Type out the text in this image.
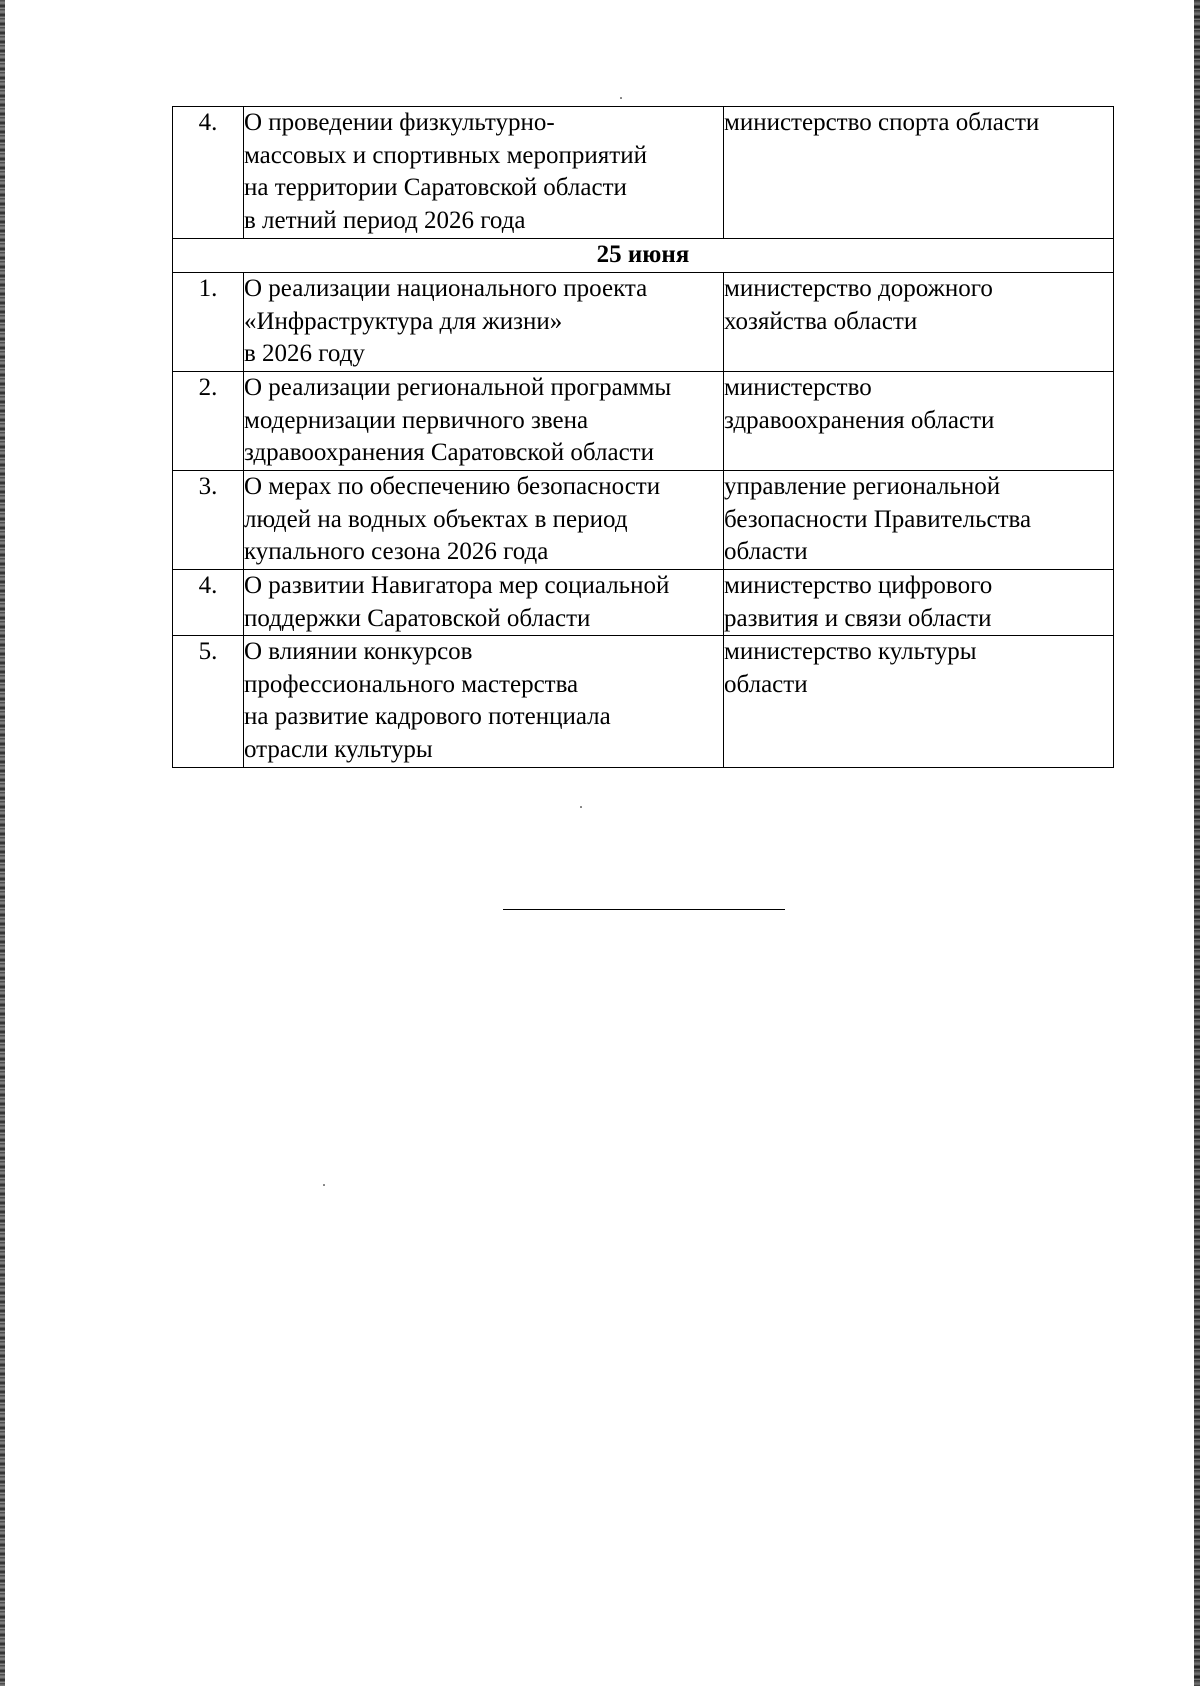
4.	О проведении физкультурно-
массовых и спортивных мероприятий
на территории Саратовской области
в летний период 2026 года	министерство спорта области

25 июня		
1.	О реализации национального проекта
«Инфраструктура для жизни»
в 2026 году	министерство дорожного
хозяйства области

2.	О реализации региональной программы
модернизации первичного звена
здравоохранения Саратовской области	министерство
здравоохранения области

3.	О мерах по обеспечению безопасности
людей на водных объектах в период
купального сезона 2026 года	управление региональной
безопасности Правительства
области

4.	О развитии Навигатора мер социальной
поддержки Саратовской области	министерство цифрового
развития и связи области

5.	О влиянии конкурсов
профессионального мастерства
на развитие кадрового потенциала
отрасли культуры	министерство культуры
области
